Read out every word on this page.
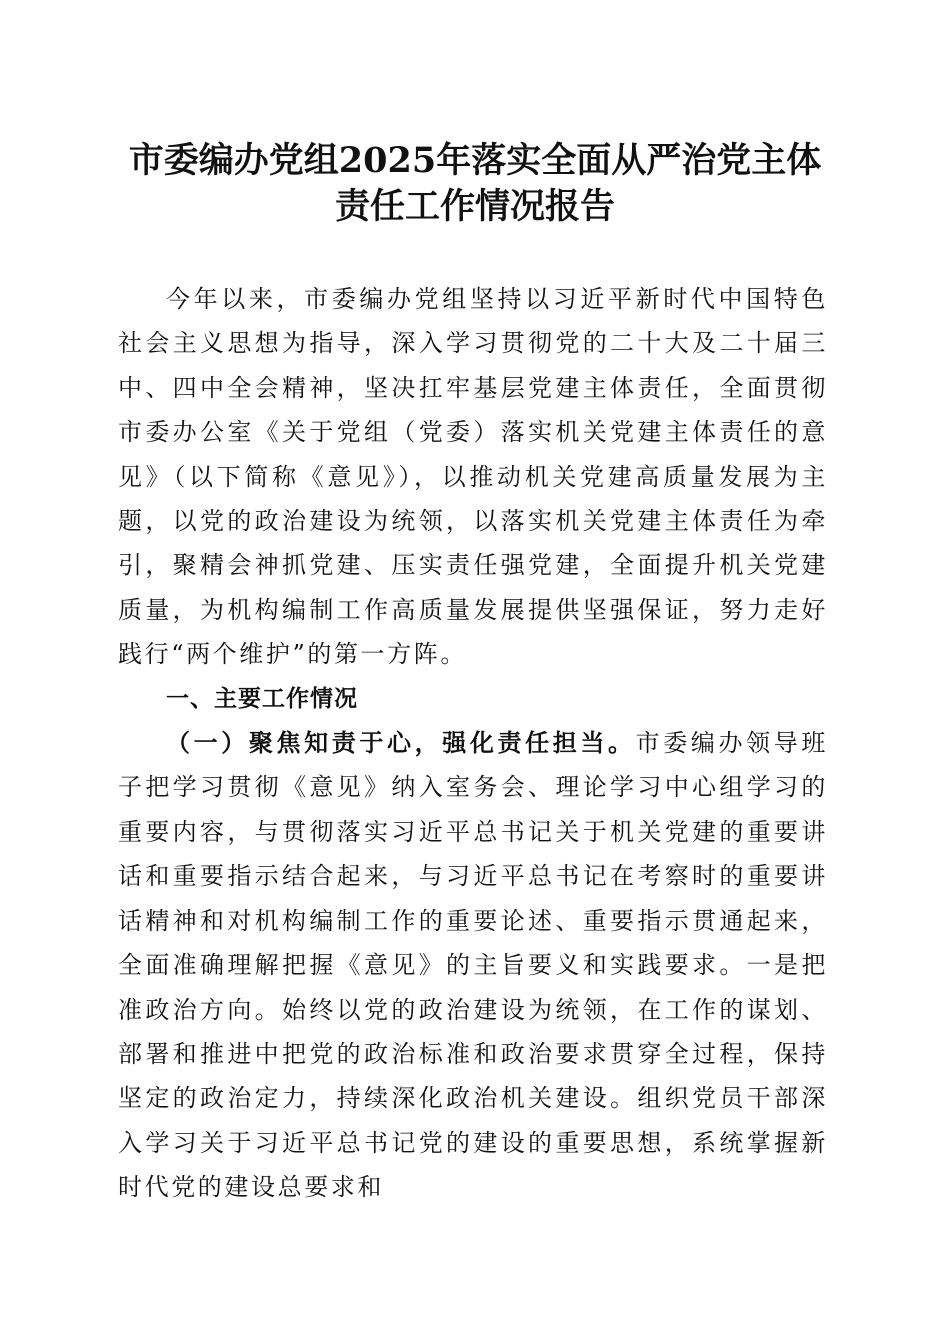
市委编办党组2025年落实全面从严治党主体
责任工作情况报告

今年以来，市委编办党组坚持以习近平新时代中国特色社会主义思想为指导，深入学习贯彻党的二十大及二十届三中、四中全会精神，坚决扛牢基层党建主体责任，全面贯彻市委办公室《关于党组（党委）落实机关党建主体责任的意见》（以下简称《意见》），以推动机关党建高质量发展为主题，以党的政治建设为统领，以落实机关党建主体责任为牵引，聚精会神抓党建、压实责任强党建，全面提升机关党建质量，为机构编制工作高质量发展提供坚强保证，努力走好践行“两个维护”的第一方阵。

一、主要工作情况

（一）聚焦知责于心，强化责任担当。市委编办领导班子把学习贯彻《意见》纳入室务会、理论学习中心组学习的重要内容，与贯彻落实习近平总书记关于机关党建的重要讲话和重要指示结合起来，与习近平总书记在考察时的重要讲话精神和对机构编制工作的重要论述、重要指示贯通起来，全面准确理解把握《意见》的主旨要义和实践要求。一是把准政治方向。始终以党的政治建设为统领，在工作的谋划、部署和推进中把党的政治标准和政治要求贯穿全过程，保持坚定的政治定力，持续深化政治机关建设。组织党员干部深入学习关于习近平总书记党的建设的重要思想，系统掌握新时代党的建设总要求和
